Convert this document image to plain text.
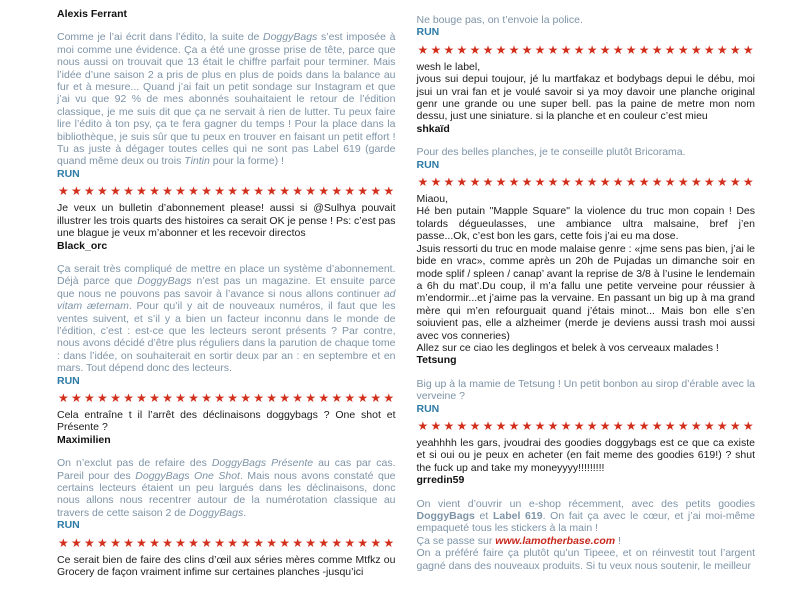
Alexis Ferrant

Comme je l’ai écrit dans l’édito, la suite de DoggyBags s’est imposée à moi comme une évidence. Ça a été une grosse prise de tête, parce que nous aussi on trouvait que 13 était le chiffre parfait pour terminer. Mais l’idée d’une saison 2 a pris de plus en plus de poids dans la balance au fur et à mesure... Quand j’ai fait un petit sondage sur Instagram et que j’ai vu que 92 % de mes abonnés souhaitaient le retour de l’édition classique, je me suis dit que ça ne servait à rien de lutter. Tu peux faire lire l’édito à ton psy, ça te fera gagner du temps ! Pour la place dans la bibliothèque, je suis sûr que tu peux en trouver en faisant un petit effort ! Tu as juste à dégager toutes celles qui ne sont pas Label 619 (garde quand même deux ou trois Tintin pour la forme) !

RUN
★ ★ ★ ★ ★ ★ ★ ★ ★ ★ ★ ★ ★ ★ ★ ★ ★ ★ ★ ★ ★ ★ ★ ★ ★ ★

Je veux un bulletin d’abonnement please! aussi si @Sulhya pouvait illustrer les trois quarts des histoires ca serait OK je pense ! Ps: c’est pas une blague je veux m’abonner et les recevoir directos

Black_orc

Ça serait très compliqué de mettre en place un système d’abonnement. Déjà parce que DoggyBags n’est pas un magazine. Et ensuite parce que nous ne pouvons pas savoir à l’avance si nous allons continuer ad vitam æternam. Pour qu’il y ait de nouveaux numéros, il faut que les ventes suivent, et s’il y a bien un facteur inconnu dans le monde de l’édition, c’est : est-ce que les lecteurs seront présents ? Par contre, nous avons décidé d’être plus réguliers dans la parution de chaque tome : dans l’idée, on souhaiterait en sortir deux par an : en septembre et en mars. Tout dépend donc des lecteurs.

RUN
★ ★ ★ ★ ★ ★ ★ ★ ★ ★ ★ ★ ★ ★ ★ ★ ★ ★ ★ ★ ★ ★ ★ ★ ★ ★

Cela entraîne t il l’arrêt des déclinaisons doggybags ? One shot et Présente ?

Maximilien

On n’exclut pas de refaire des DoggyBags Présente au cas par cas. Pareil pour des DoggyBags One Shot. Mais nous avons constaté que certains lecteurs étaient un peu largués dans les déclinaisons, donc nous allons nous recentrer autour de la numérotation classique au travers de cette saison 2 de DoggyBags.

RUN
★ ★ ★ ★ ★ ★ ★ ★ ★ ★ ★ ★ ★ ★ ★ ★ ★ ★ ★ ★ ★ ★ ★ ★ ★ ★

Ce serait bien de faire des clins d’œil aux séries mères comme Mtfkz ou Grocery de façon vraiment infime sur certaines planches -jusqu’ici

Ne bouge pas, on t’envoie la police.

RUN
★ ★ ★ ★ ★ ★ ★ ★ ★ ★ ★ ★ ★ ★ ★ ★ ★ ★ ★ ★ ★ ★ ★ ★ ★ ★

wesh le label,

jvous sui depui toujour, jé lu martfakaz et bodybags depui le débu, moi jsui un vrai fan et je voulé savoir si ya moy davoir une planche original genr une grande ou une super bell. pas la paine de metre mon nom dessu, just une siniature. si la planche et en couleur c’est mieu

shkaïd

Pour des belles planches, je te conseille plutôt Bricorama.

RUN
★ ★ ★ ★ ★ ★ ★ ★ ★ ★ ★ ★ ★ ★ ★ ★ ★ ★ ★ ★ ★ ★ ★ ★ ★ ★

Miaou,

Hé ben putain "Mapple Square" la violence du truc mon copain ! Des tolards dégueulasses, une ambiance ultra malsaine, bref j’en passe...Ok, c’est bon les gars, cette fois j’ai eu ma dose.

Jsuis ressorti du truc en mode malaise genre : «jme sens pas bien, j’ai le bide en vrac», comme après un 20h de Pujadas un dimanche soir en mode splif / spleen / canap’ avant la reprise de 3/8 à l’usine le lendemain a 6h du mat’.Du coup, il m’a fallu une petite verveine pour réussier à m’endormir...et j’aime pas la vervaine. En passant un big up à ma grand mère qui m’en refourguait quand j’étais minot... Mais bon elle s’en soiuvient pas, elle a alzheimer (merde je deviens aussi trash moi aussi avec vos conneries)

Allez sur ce ciao les deglingos et belek à vos cerveaux malades !

Tetsung

Big up à la mamie de Tetsung ! Un petit bonbon au sirop d’érable avec la verveine ?

RUN
★ ★ ★ ★ ★ ★ ★ ★ ★ ★ ★ ★ ★ ★ ★ ★ ★ ★ ★ ★ ★ ★ ★ ★ ★ ★

yeahhhh les gars, jvoudrai des goodies doggybags est ce que ca existe et si oui ou je peux en acheter (en fait meme des goodies 619!) ? shut the fuck up and take my moneyyyy!!!!!!!!!

grredin59

On vient d’ouvrir un e-shop récemment, avec des petits goodies DoggyBags et Label 619. On fait ça avec le cœur, et j’ai moi-même empaqueté tous les stickers à la main !

Ça se passe sur www.lamotherbase.com !

On a préféré faire ça plutôt qu’un Tipeee, et on réinvestit tout l’argent gagné dans des nouveaux produits. Si tu veux nous soutenir, le meilleur
